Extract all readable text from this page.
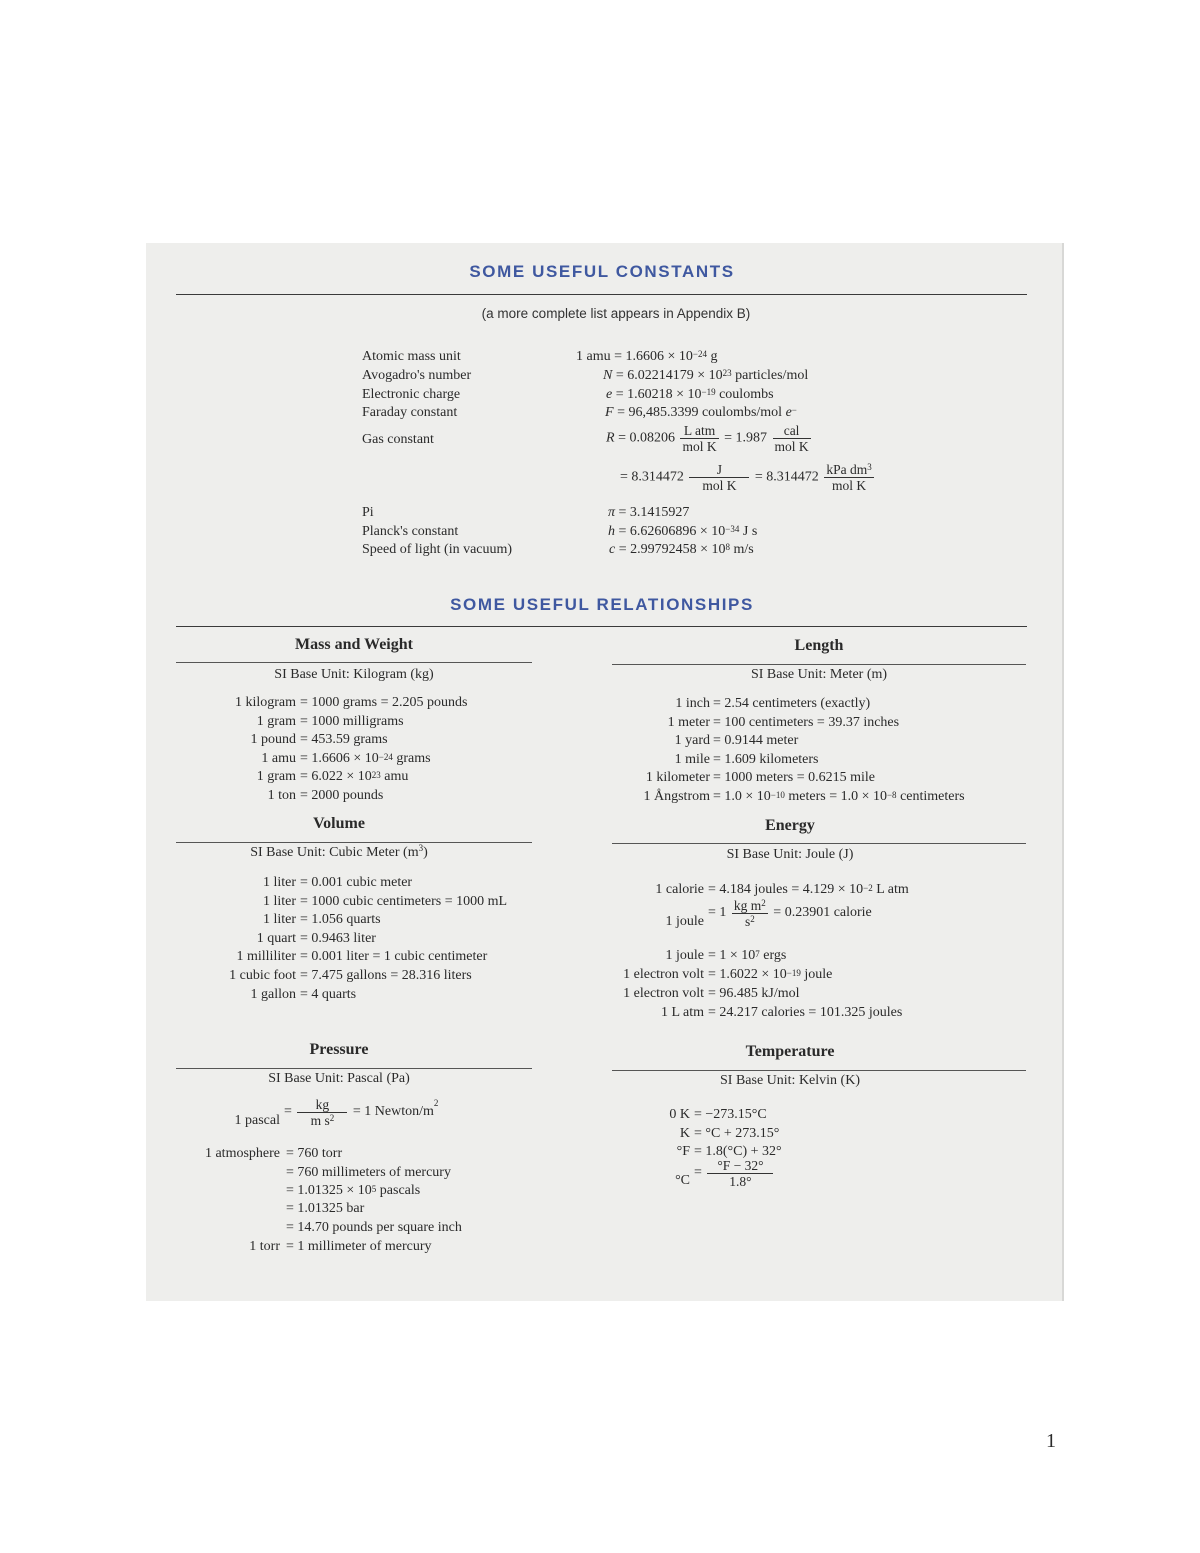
SOME USEFUL CONSTANTS
(a more complete list appears in Appendix B)
Atomic mass unit
Avogadro's number
Electronic charge
Faraday constant
Gas constant
Pi
Planck's constant
Speed of light (in vacuum)
1 amu = $1.6606 \times 10^{-24}$ g
$N = 6.02214179 \times 10^{23}$ particles/mol
$e = 1.60218 \times 10^{-19}$ coulombs
F = 96,485.3399 coulombs/mol e−
$R = 0.08206 \frac{\text{L atm}}{\text{mol K}} = 1.987 \frac{\text{cal}}{\text{mol K}}$
= $8.314472 \frac{J}{\text{mol K}} = 8.314472 \frac{kPa dm^3}{\text{mol K}}$
π = 3.1415927
$h = 6.62606896 \times 10^{-34}$ J s
$c = 2.99792458 \times 10^8$ m/s
SOME USEFUL RELATIONSHIPS
Mass and Weight
SI Base Unit: Kilogram (kg)
1 kilogram = 1000 grams = 2.205 pounds
1 gram = 1000 milligrams
1 pound = 453.59 grams
1 amu = $1.6606 \times 10^{-24}$ grams
1 gram = $6.022 \times 10^{23}$ amu
1 ton = 2000 pounds
Length
SI Base Unit: Meter (m)
1 inch = 2.54 centimeters (exactly)
1 meter = 100 centimeters = 39.37 inches
1 yard = 0.9144 meter
1 mile = 1.609 kilometers
1 kilometer = 1000 meters = 0.6215 mile
1 Ångstrom = $1.0 \times 10^{-10}$ meters = $1.0 \times 10^{-8}$ centimeters
Volume
SI Base Unit: Cubic Meter $(m^3)$
1 liter = 0.001 cubic meter
1 liter = 1000 cubic centimeters = 1000 mL
1 liter = 1.056 quarts
1 quart = 0.9463 liter
1 milliliter = 0.001 liter = 1 cubic centimeter
1 cubic foot = 7.475 gallons = 28.316 liters
1 gallon = 4 quarts
Energy
SI Base Unit: Joule (J)
1 calorie = 4.184 joules = $4.129 \times 10^{-2}$ L atm
1 joule
= $1 \frac{kg m^2}{s^2} = 0.23901$ calorie
1 joule = $1 \times 10^7$ ergs
1 electron volt = $1.6022 \times 10^{-19}$ joule
1 electron volt = 96.485 kJ/mol
1 L atm = 24.217 calories = 101.325 joules
Pressure
SI Base Unit: Pascal (Pa)
1 pascal
= $\frac{kg}{m s^2} = 1$ Newton/$m^2$
1 atmosphere = 760 torr
= 760 millimeters of mercury
= $1.01325 \times 10^5$ pascals
= 1.01325 bar
= 14.70 pounds per square inch
1 torr = 1 millimeter of mercury
Temperature
SI Base Unit: Kelvin (K)
0 K = −273.15°C
K = °C + 273.15°
°F = 1.8(°C) + 32°
°C
= $\frac{^\circ F - 32^\circ}{1.8^\circ}$
1
